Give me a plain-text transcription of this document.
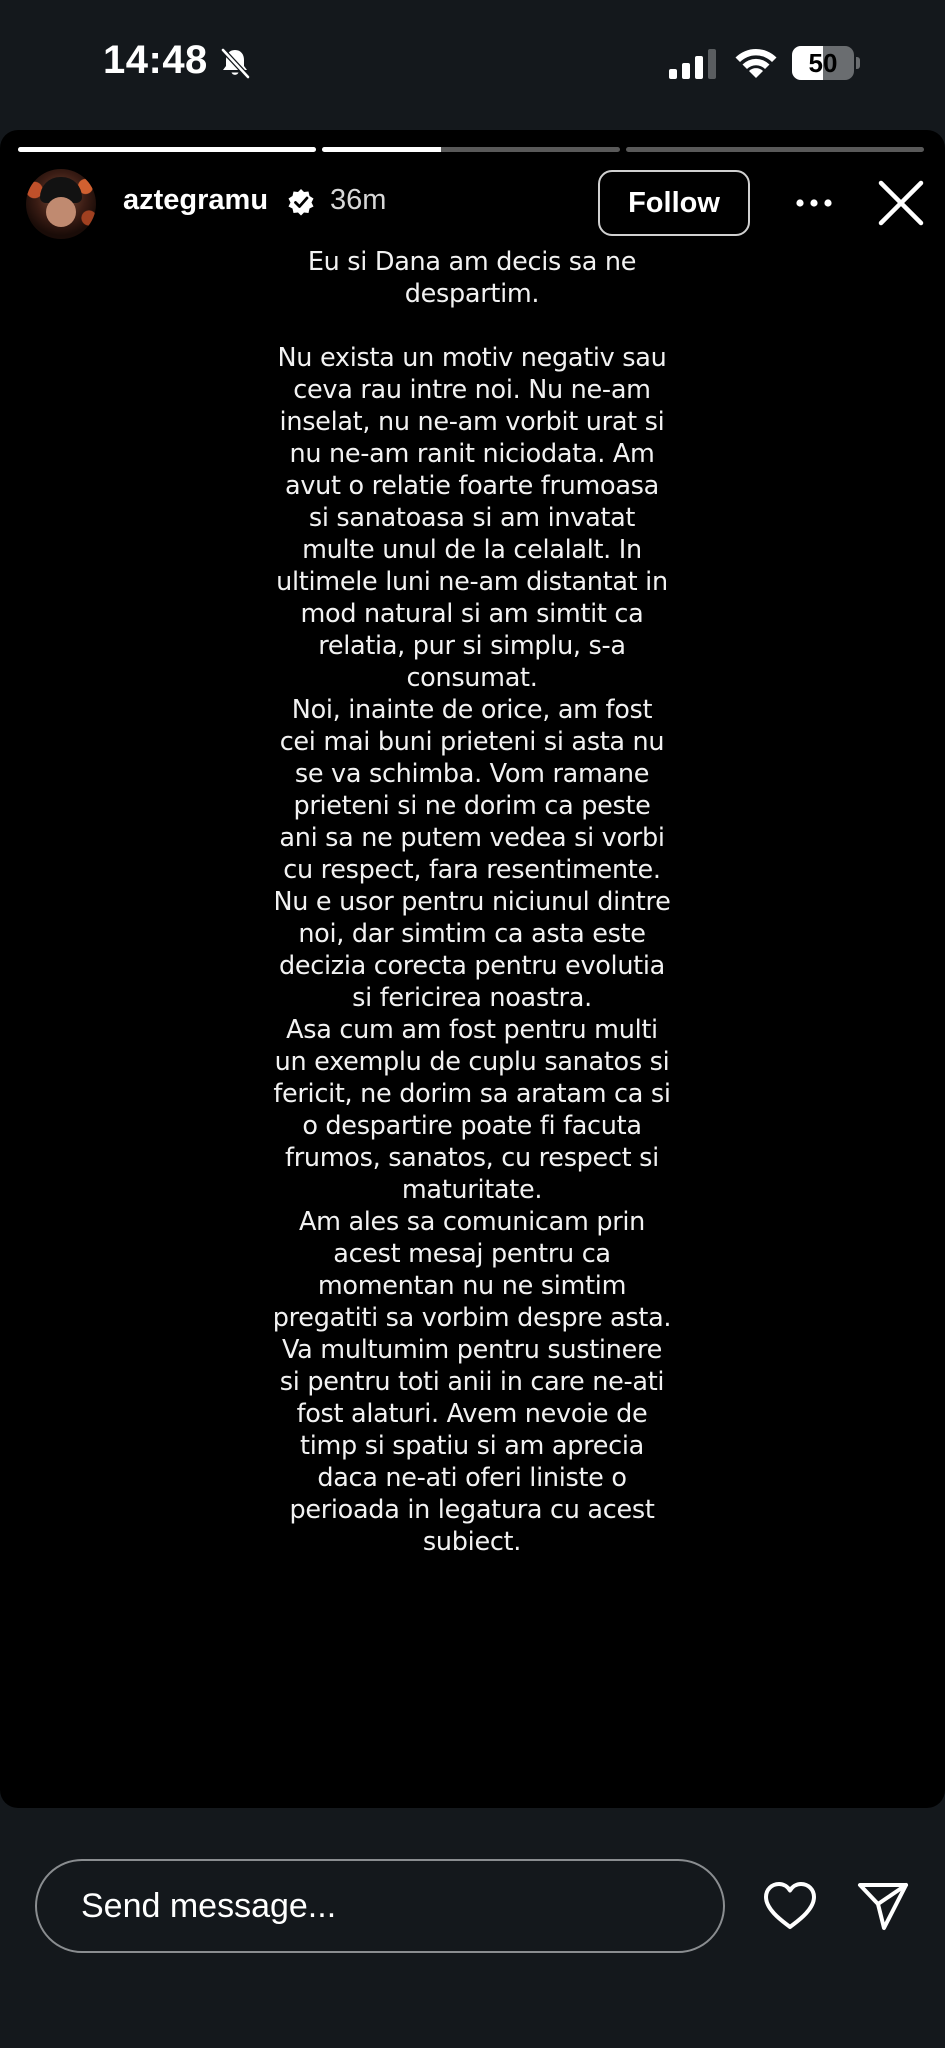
14:48	50
aztegramu 36m	Follow
Eu si Dana am decis sa ne despartim.

Nu exista un motiv negativ sau ceva rau intre noi. Nu ne-am inselat, nu ne-am vorbit urat si nu ne-am ranit niciodata. Am avut o relatie foarte frumoasa si sanatoasa si am invatat multe unul de la celalalt. In ultimele luni ne-am distantat in mod natural si am simtit ca relatia, pur si simplu, s-a consumat.
Noi, inainte de orice, am fost cei mai buni prieteni si asta nu se va schimba. Vom ramane prieteni si ne dorim ca peste ani sa ne putem vedea si vorbi cu respect, fara resentimente.
Nu e usor pentru niciunul dintre noi, dar simtim ca asta este decizia corecta pentru evolutia si fericirea noastra.
Asa cum am fost pentru multi un exemplu de cuplu sanatos si fericit, ne dorim sa aratam ca si o despartire poate fi facuta frumos, sanatos, cu respect si maturitate.
Am ales sa comunicam prin acest mesaj pentru ca momentan nu ne simtim pregatiti sa vorbim despre asta. Va multumim pentru sustinere si pentru toti anii in care ne-ati fost alaturi. Avem nevoie de timp si spatiu si am aprecia daca ne-ati oferi liniste o perioada in legatura cu acest subiect.
Send message...
